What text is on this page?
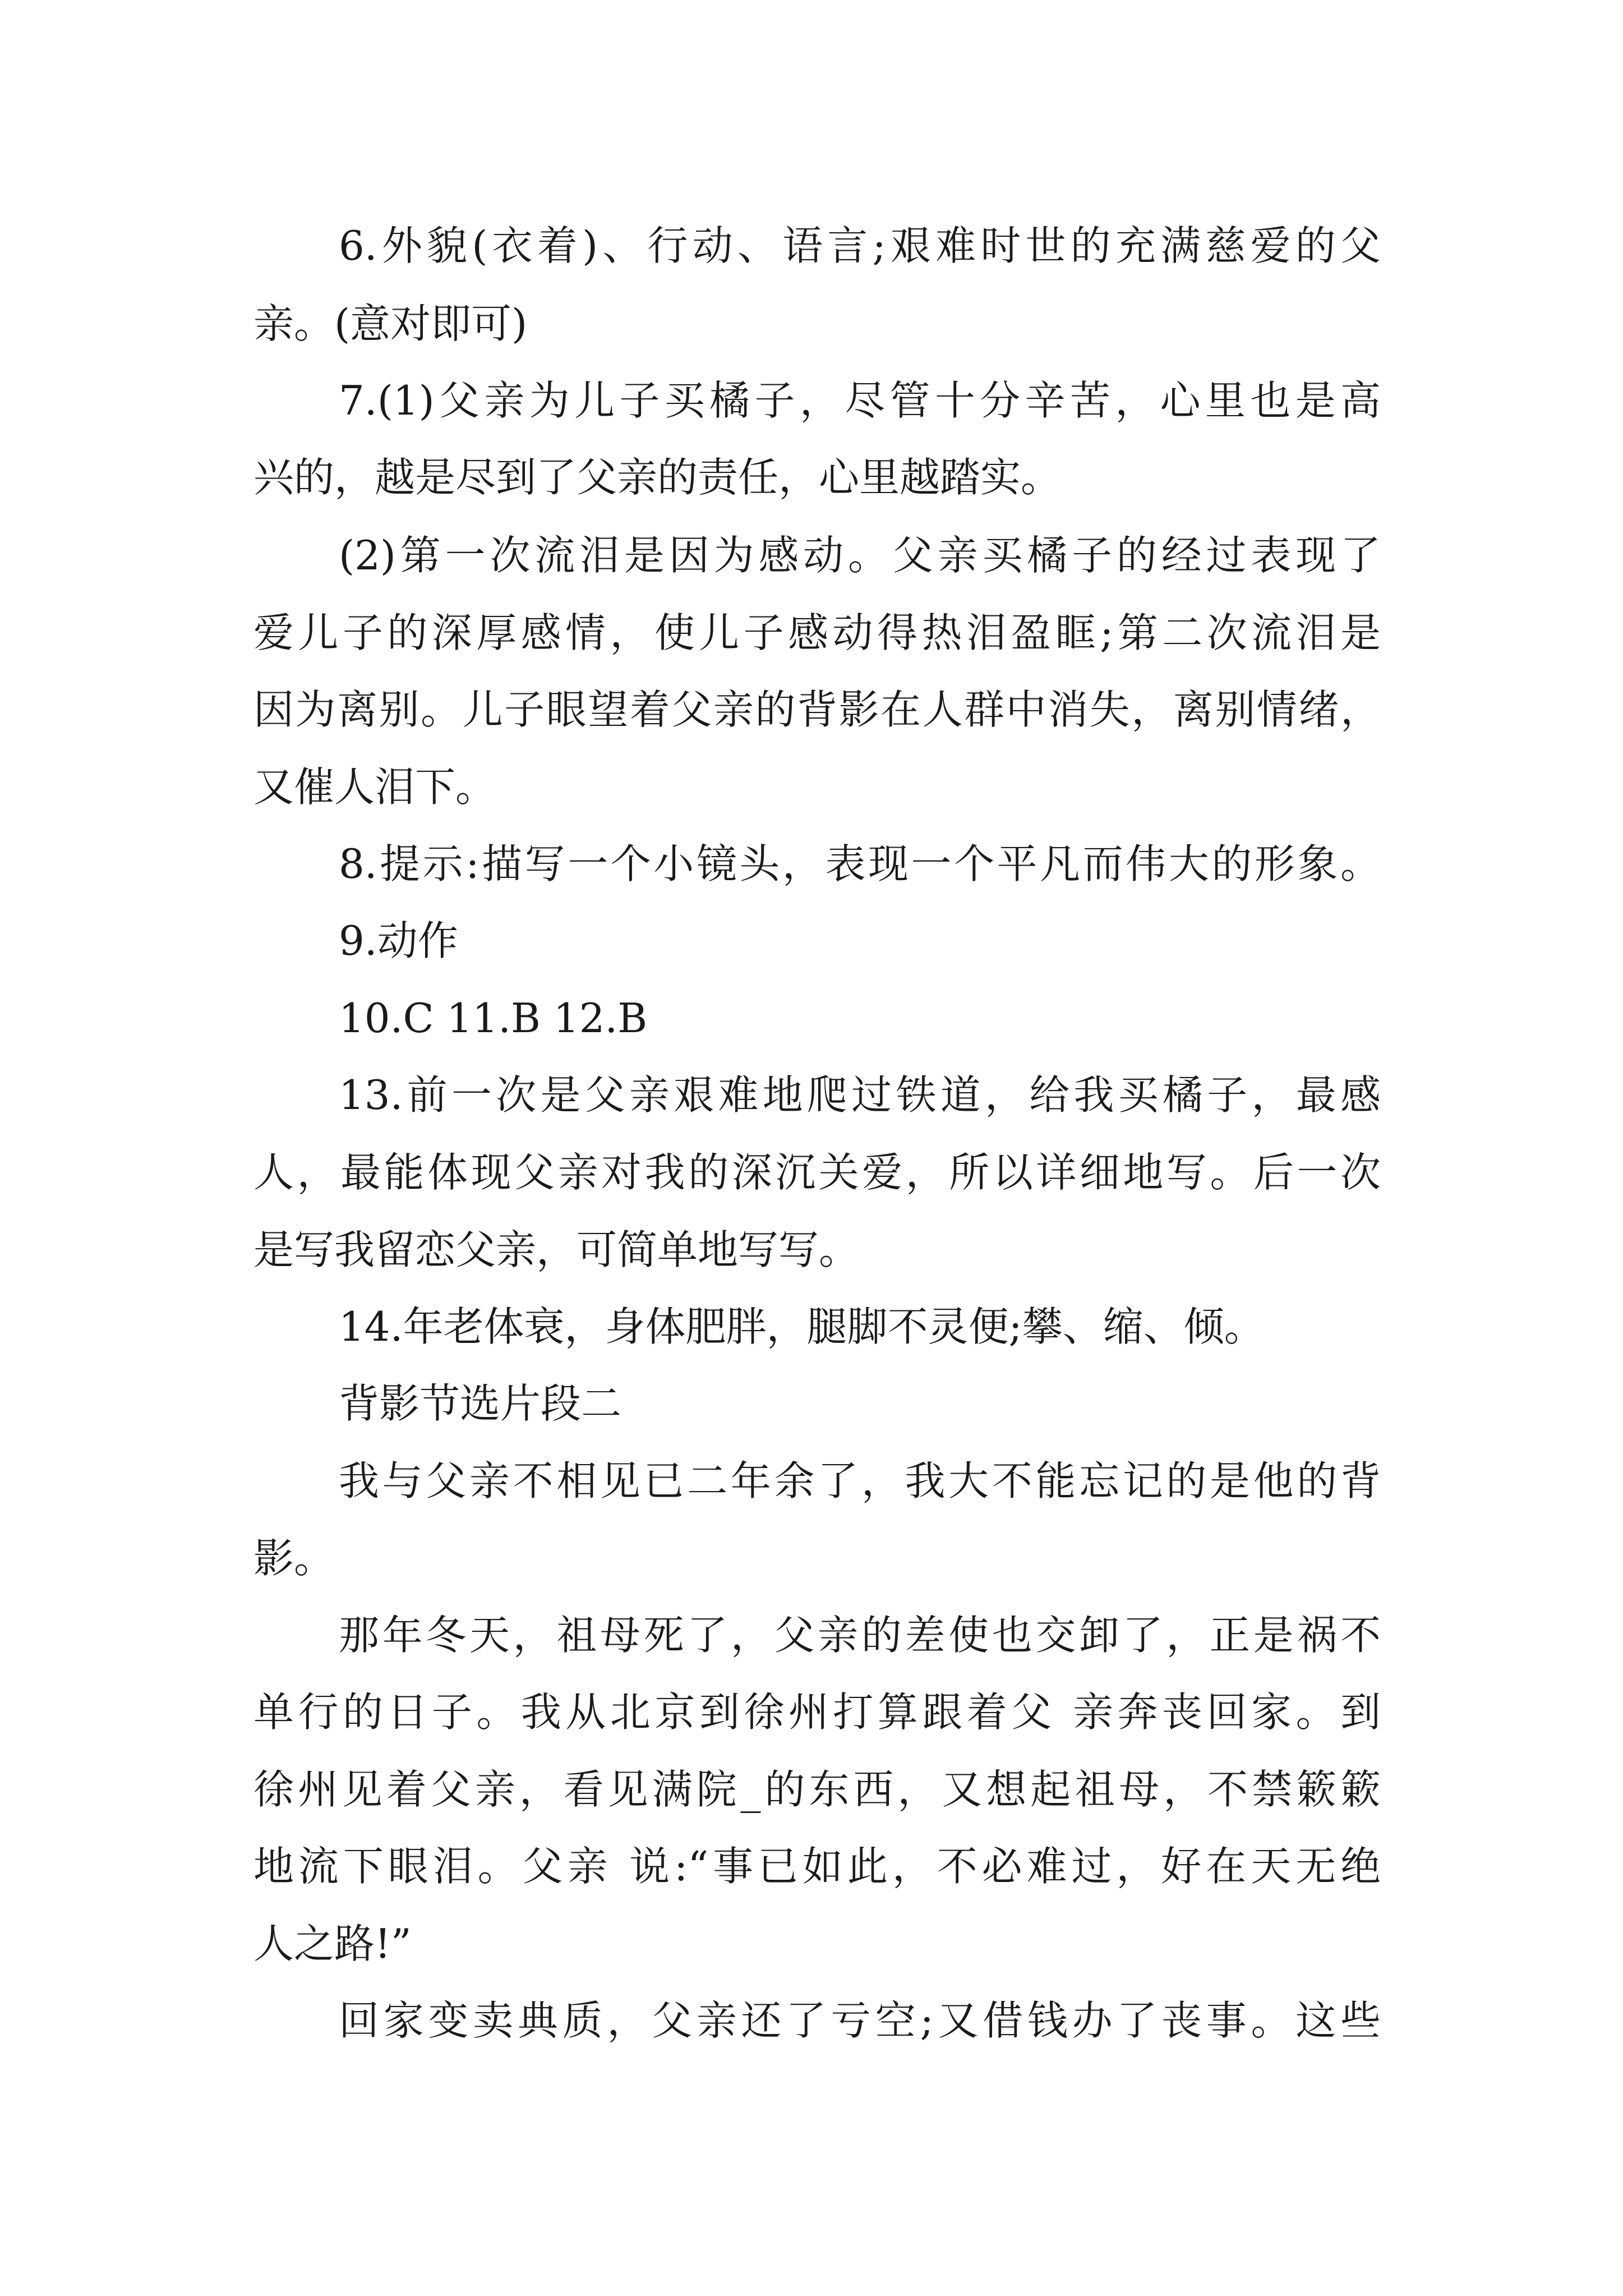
6.外貌(衣着)、行动、语言;艰难时世的充满慈爱的父
亲。(意对即可)
7.(1)父亲为儿子买橘子，尽管十分辛苦，心里也是高
兴的，越是尽到了父亲的责任，心里越踏实。
(2)第一次流泪是因为感动。父亲买橘子的经过表现了
爱儿子的深厚感情，使儿子感动得热泪盈眶;第二次流泪是
因为离别。儿子眼望着父亲的背影在人群中消失，离别情绪，
又催人泪下。
8.提示:描写一个小镜头，表现一个平凡而伟大的形象。
9.动作
10.C 11.B 12.B
13.前一次是父亲艰难地爬过铁道，给我买橘子，最感
人，最能体现父亲对我的深沉关爱，所以详细地写。后一次
是写我留恋父亲，可简单地写写。
14.年老体衰，身体肥胖，腿脚不灵便;攀、缩、倾。
背影节选片段二
我与父亲不相见已二年余了，我大不能忘记的是他的背
影。
那年冬天，祖母死了，父亲的差使也交卸了，正是祸不
单行的日子。我从北京到徐州打算跟着父 亲奔丧回家。到
徐州见着父亲，看见满院_的东西，又想起祖母，不禁簌簌
地流下眼泪。父亲 说:“事已如此，不必难过，好在天无绝
人之路!”
回家变卖典质，父亲还了亏空;又借钱办了丧事。这些
